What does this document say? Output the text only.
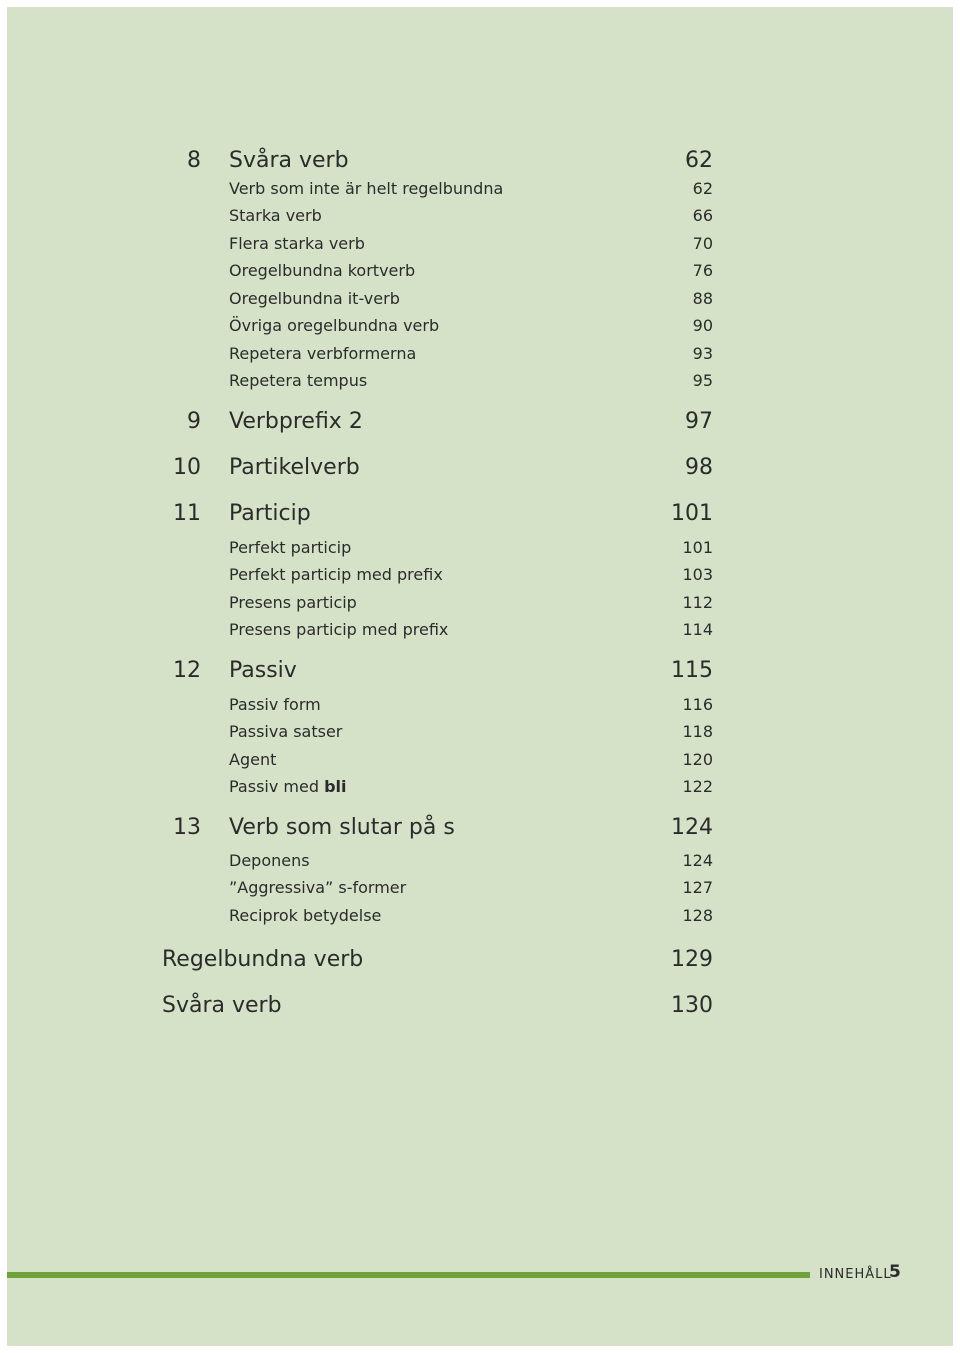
8 Svåra verb	62
Verb som inte är helt regelbundna	62
Starka verb	66
Flera starka verb	70
Oregelbundna kortverb	76
Oregelbundna it-verb	88
Övriga oregelbundna verb	90
Repetera verbformerna	93
Repetera tempus	95
9 Verbprefix 2	97
10 Partikelverb	98
11 Particip	101
Perfekt particip	101
Perfekt particip med prefix	103
Presens particip	112
Presens particip med prefix	114
12 Passiv	115
Passiv form	116
Passiva satser	118
Agent	120
Passiv med bli	122
13 Verb som slutar på s	124
Deponens	124
”Aggressiva” s-former	127
Reciprok betydelse	128
Regelbundna verb	129
Svåra verb	130
INNEHÅLL
5
